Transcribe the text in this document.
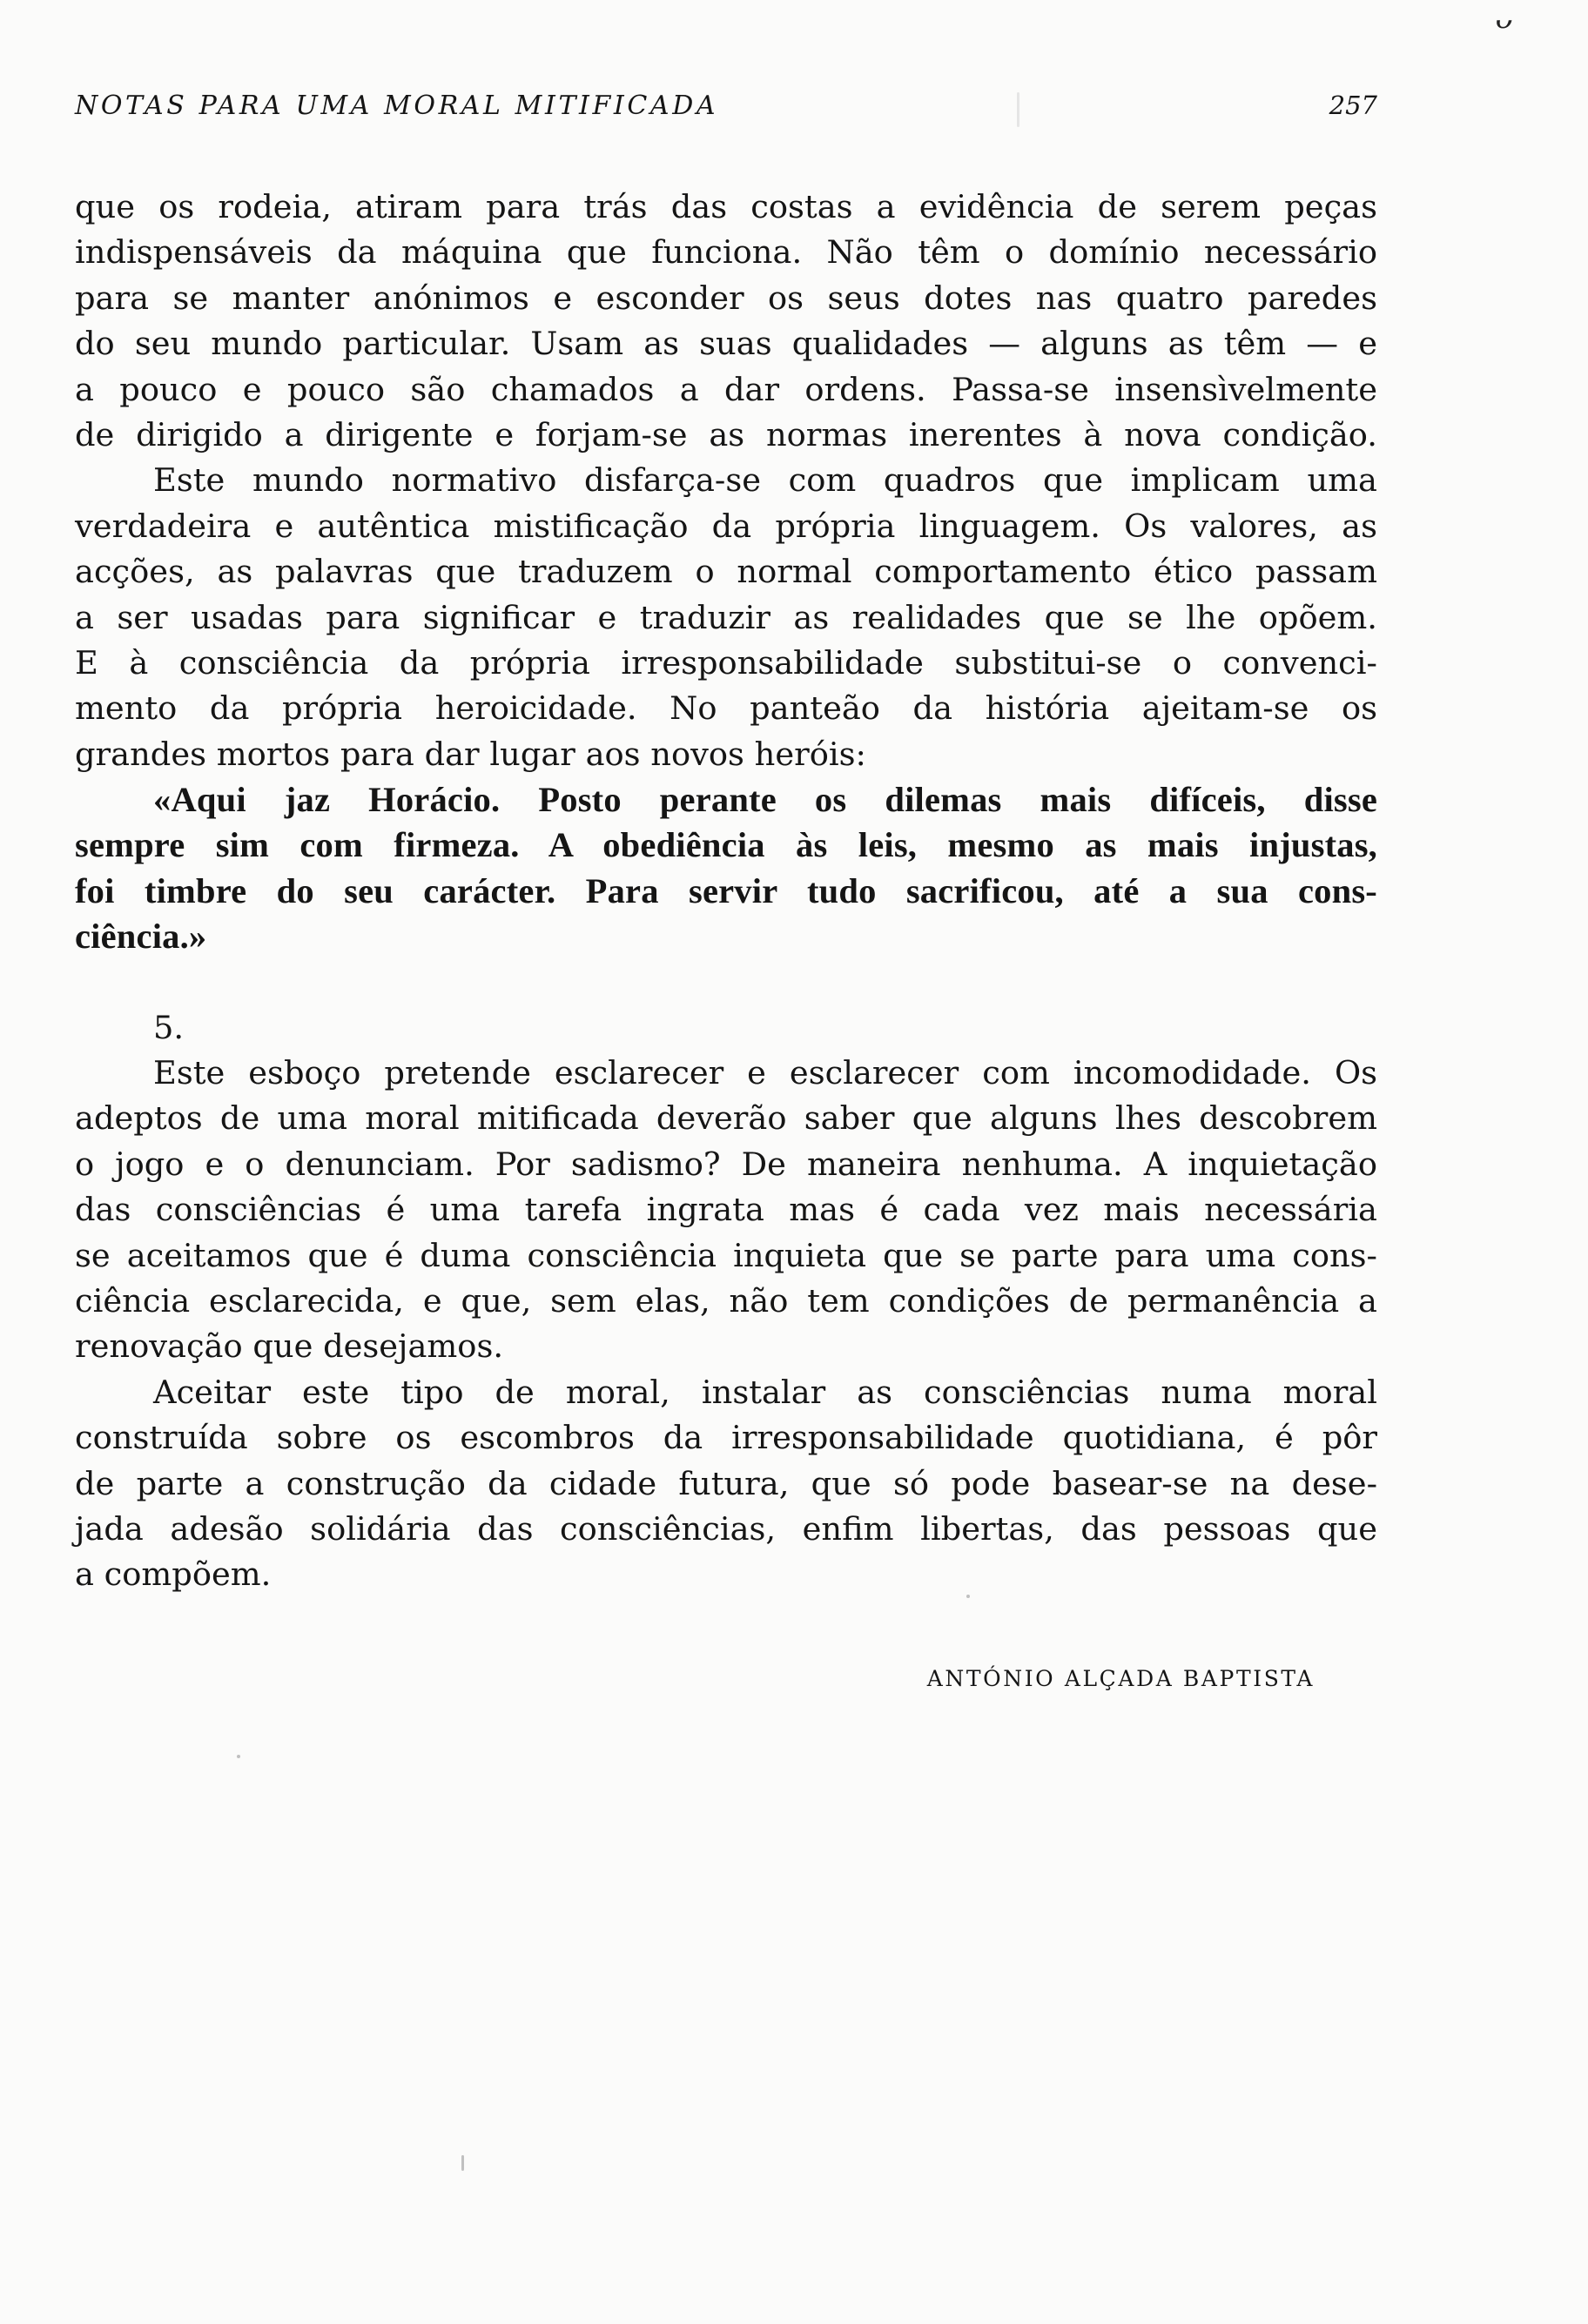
ᴗ
NOTAS PARA UMA MORAL MITIFICADA	257
que os rodeia, atiram para trás das costas a evidência de serem peças
indispensáveis da máquina que funciona. Não têm o domínio necessário
para se manter anónimos e esconder os seus dotes nas quatro paredes
do seu mundo particular. Usam as suas qualidades — alguns as têm — e
a pouco e pouco são chamados a dar ordens. Passa-se insensìvelmente
de dirigido a dirigente e forjam-se as normas inerentes à nova condição.
Este mundo normativo disfarça-se com quadros que implicam uma
verdadeira e autêntica mistificação da própria linguagem. Os valores, as
acções, as palavras que traduzem o normal comportamento ético passam
a ser usadas para significar e traduzir as realidades que se lhe opõem.
E à consciência da própria irresponsabilidade substitui-se o convenci-
mento da própria heroicidade. No panteão da história ajeitam-se os
grandes mortos para dar lugar aos novos heróis:
«Aqui jaz Horácio. Posto perante os dilemas mais difíceis, disse
sempre sim com firmeza. A obediência às leis, mesmo as mais injustas,
foi timbre do seu carácter. Para servir tudo sacrificou, até a sua cons-
ciência.»
5.
Este esboço pretende esclarecer e esclarecer com incomodidade. Os
adeptos de uma moral mitificada deverão saber que alguns lhes descobrem
o jogo e o denunciam. Por sadismo? De maneira nenhuma. A inquietação
das consciências é uma tarefa ingrata mas é cada vez mais necessária
se aceitamos que é duma consciência inquieta que se parte para uma cons-
ciência esclarecida, e que, sem elas, não tem condições de permanência a
renovação que desejamos.
Aceitar este tipo de moral, instalar as consciências numa moral
construída sobre os escombros da irresponsabilidade quotidiana, é pôr
de parte a construção da cidade futura, que só pode basear-se na dese-
jada adesão solidária das consciências, enfim libertas, das pessoas que
a compõem.
ANTÓNIO ALÇADA BAPTISTA
